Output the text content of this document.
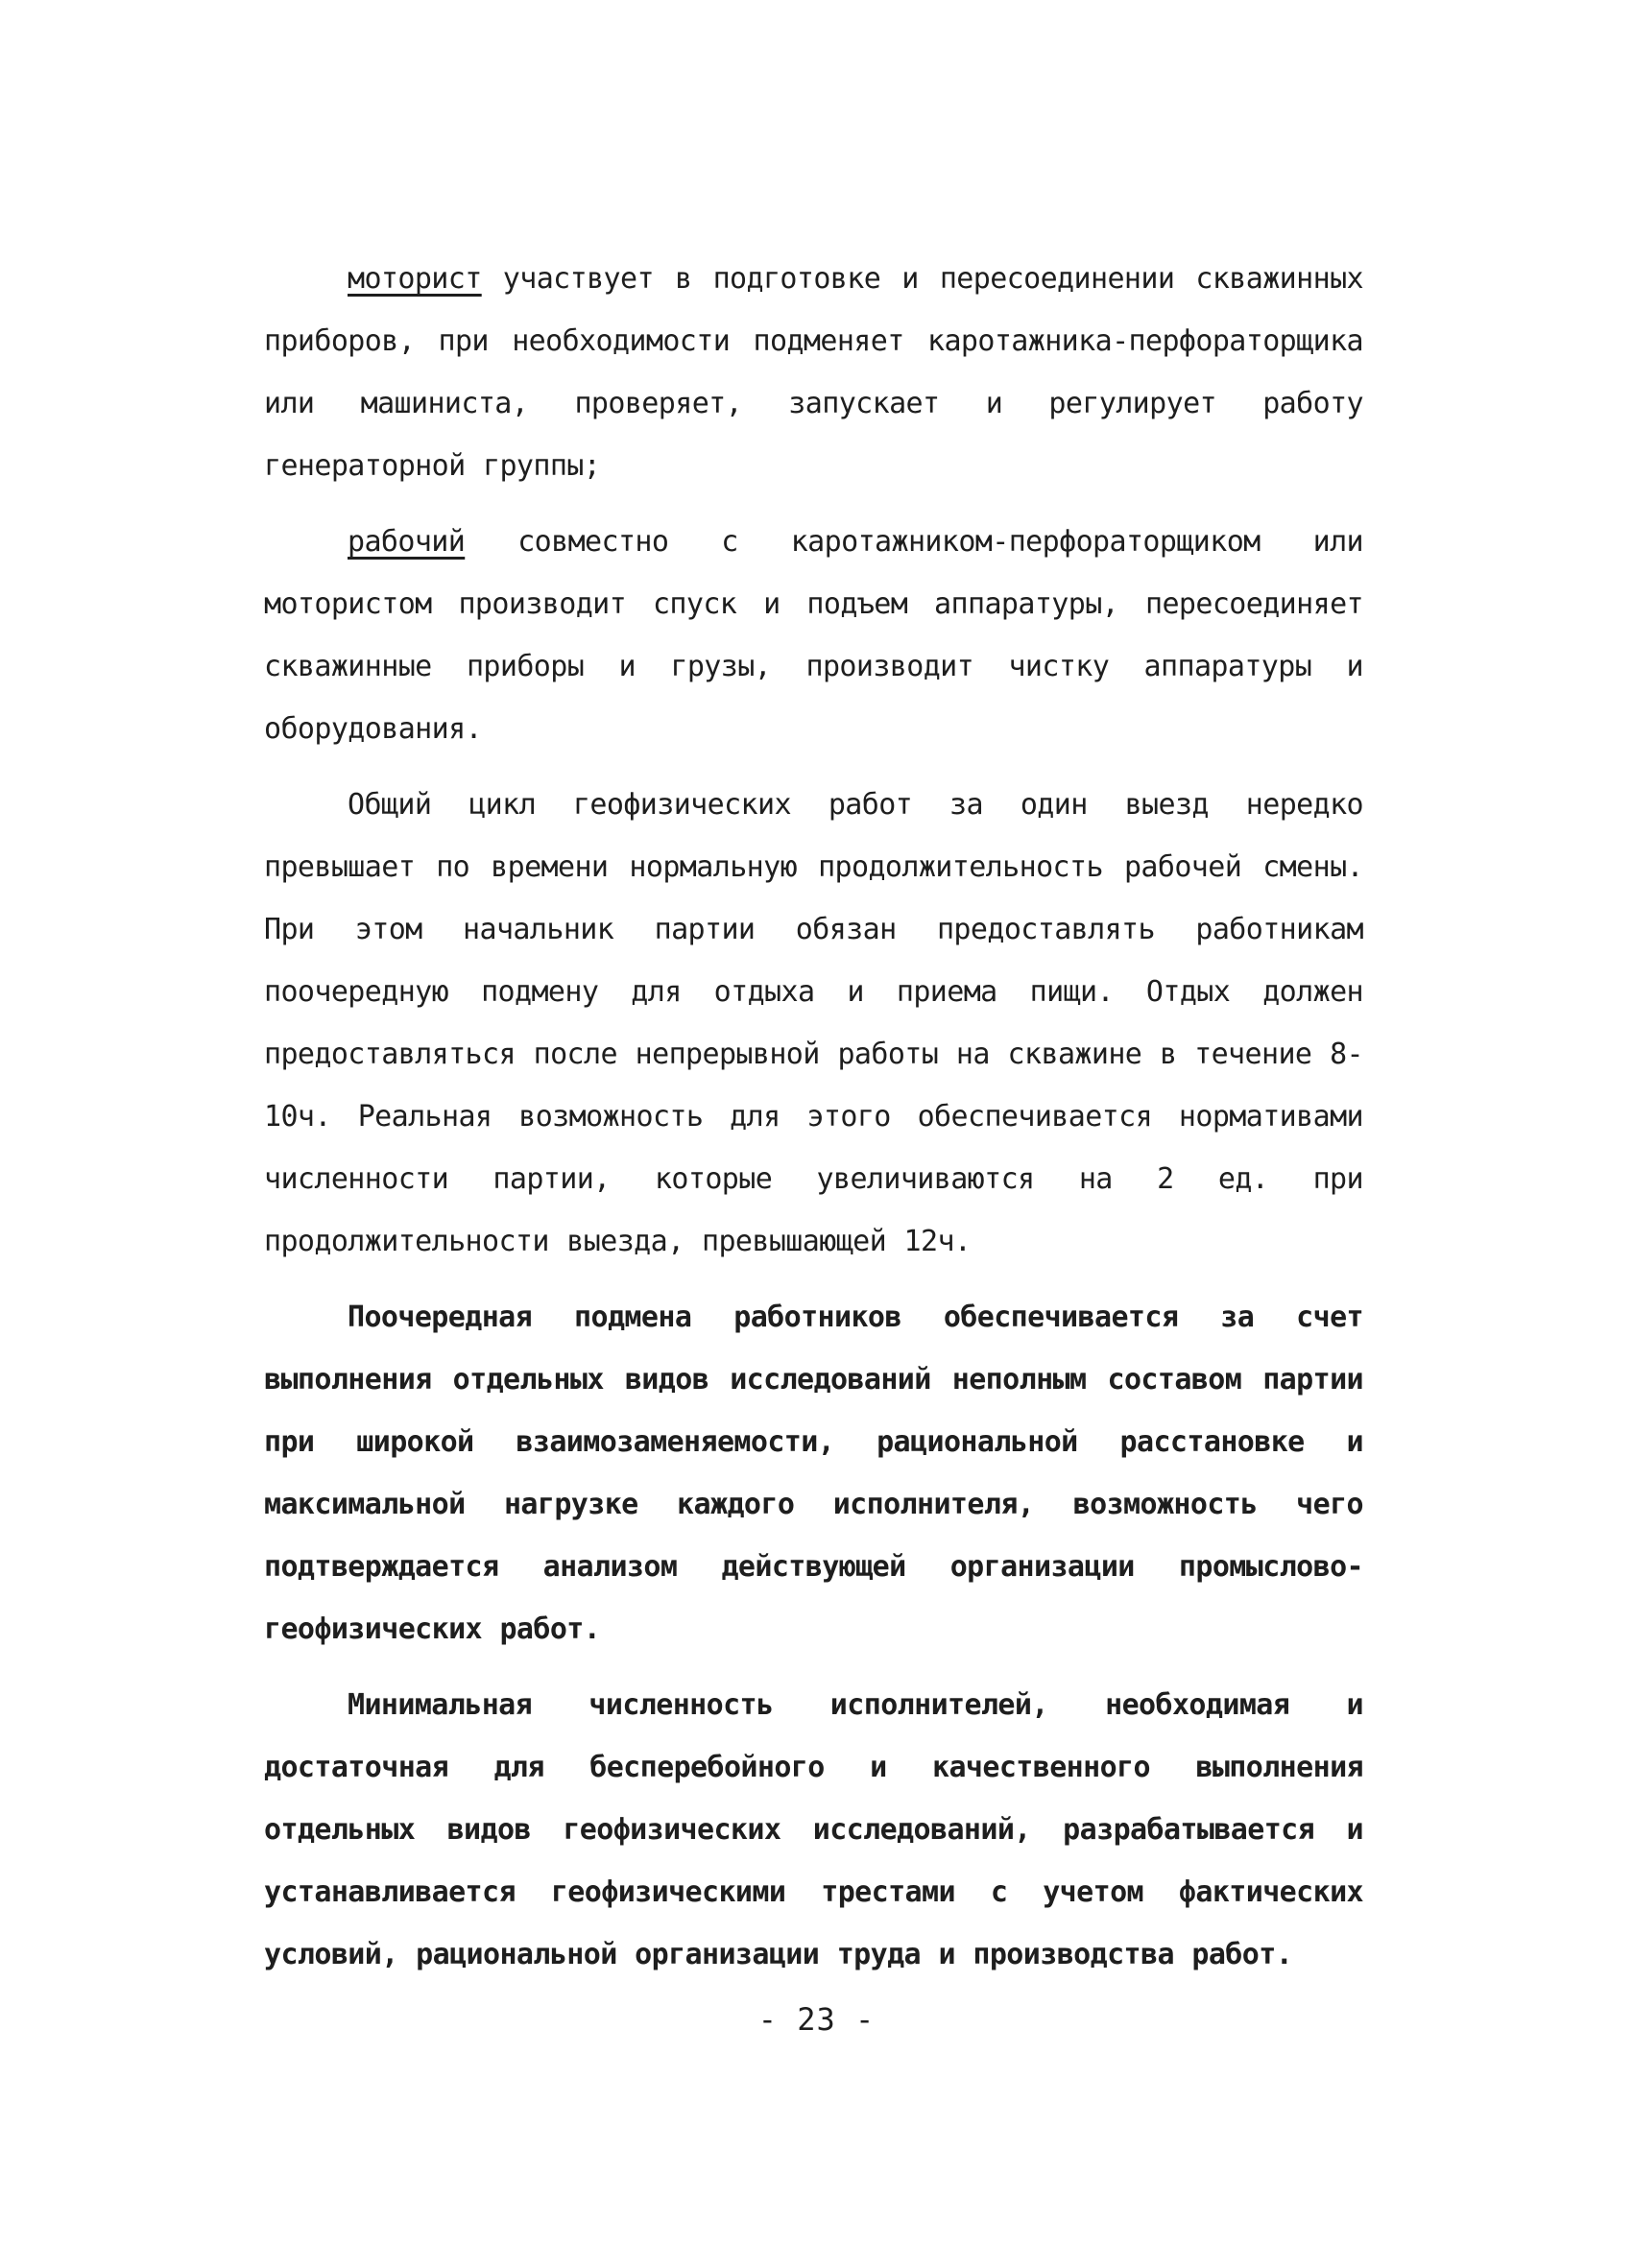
моторист участвует в подготовке и пересоединении скважинных приборов, при необходимости подменяет каротажника-перфораторщика или машиниста, проверяет, запускает и регулирует работу генераторной группы;

рабочий совместно с каротажником-перфораторщиком или мотористом производит спуск и подъем аппаратуры, пересоединяет скважинные приборы и грузы, производит чистку аппаратуры и оборудования.

Общий цикл геофизических работ за один выезд нередко превышает по времени нормальную продолжительность рабочей смены. При этом начальник партии обязан предоставлять работникам поочередную подмену для отдыха и приема пищи. Отдых должен предоставляться после непрерывной работы на скважине в течение 8-10ч. Реальная возможность для этого обеспечивается нормативами численности партии, которые увеличиваются на 2 ед. при продолжительности выезда, превышающей 12ч.

Поочередная подмена работников обеспечивается за счет выполнения отдельных видов исследований неполным составом партии при широкой взаимозаменяемости, рациональной расстановке и максимальной нагрузке каждого исполнителя, возможность чего подтверждается анализом действующей организации промыслово-геофизических работ.

Минимальная численность исполнителей, необходимая и достаточная для бесперебойного и качественного выполнения отдельных видов геофизических исследований, разрабатывается и устанавливается геофизическими трестами с учетом фактических условий, рациональной организации труда и производства работ.

- 23 -
